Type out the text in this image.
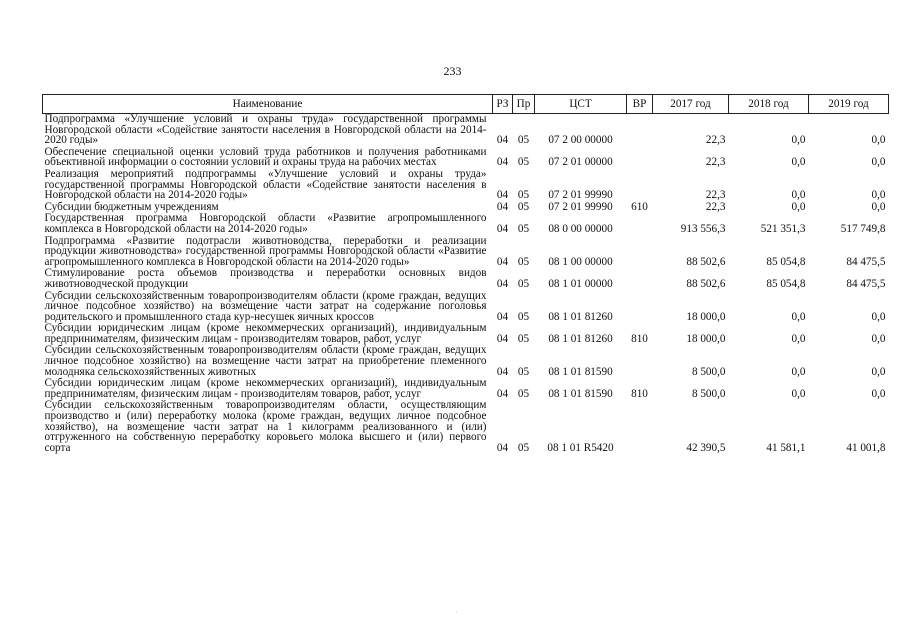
233
Наименование	РЗ	Пр	ЦСТ	ВР	2017 год	2018 год	2019 год
Подпрограмма «Улучшение условий и охраны труда» государственной программы Новгородской области «Содействие занятости населения в Новгородской области на 2014-2020 годы»	04	05	07 2 00 00000		22,3	0,0	0,0
Обеспечение специальной оценки условий труда работников и получения работниками объективной информации о состоянии условий и охраны труда на рабочих местах	04	05	07 2 01 00000		22,3	0,0	0,0
Реализация мероприятий подпрограммы «Улучшение условий и охраны труда» государственной программы Новгородской области «Содействие занятости населения в Новгородской области на 2014-2020 годы»	04	05	07 2 01 99990		22,3	0,0	0,0
Субсидии бюджетным учреждениям	04	05	07 2 01 99990	610	22,3	0,0	0,0
Государственная программа Новгородской области «Развитие агропромышленного комплекса в Новгородской области на 2014-2020 годы»	04	05	08 0 00 00000		913 556,3	521 351,3	517 749,8
Подпрограмма «Развитие подотрасли животноводства, переработки и реализации продукции животноводства» государственной программы Новгородской области «Развитие агропромышленного комплекса в Новгородской области на 2014-2020 годы»	04	05	08 1 00 00000		88 502,6	85 054,8	84 475,5
Стимулирование роста объемов производства и переработки основных видов животноводческой продукции	04	05	08 1 01 00000		88 502,6	85 054,8	84 475,5
Субсидии сельскохозяйственным товаропроизводителям области (кроме граждан, ведущих личное подсобное хозяйство) на возмещение части затрат на содержание поголовья родительского и промышленного стада кур-несушек яичных кроссов	04	05	08 1 01 81260		18 000,0	0,0	0,0
Субсидии юридическим лицам (кроме некоммерческих организаций), индивидуальным предпринимателям, физическим лицам - производителям товаров, работ, услуг	04	05	08 1 01 81260	810	18 000,0	0,0	0,0
Субсидии сельскохозяйственным товаропроизводителям области (кроме граждан, ведущих личное подсобное хозяйство) на возмещение части затрат на приобретение племенного молодняка сельскохозяйственных животных	04	05	08 1 01 81590		8 500,0	0,0	0,0
Субсидии юридическим лицам (кроме некоммерческих организаций), индивидуальным предпринимателям, физическим лицам - производителям товаров, работ, услуг	04	05	08 1 01 81590	810	8 500,0	0,0	0,0
Субсидии сельскохозяйственным товаропроизводителям области, осуществляющим производство и (или) переработку молока (кроме граждан, ведущих личное подсобное хозяйство), на возмещение части затрат на 1 килограмм реализованного и (или) отгруженного на собственную переработку коровьего молока высшего и (или) первого сорта	04	05	08 1 01 R5420		42 390,5	41 581,1	41 001,8
·
